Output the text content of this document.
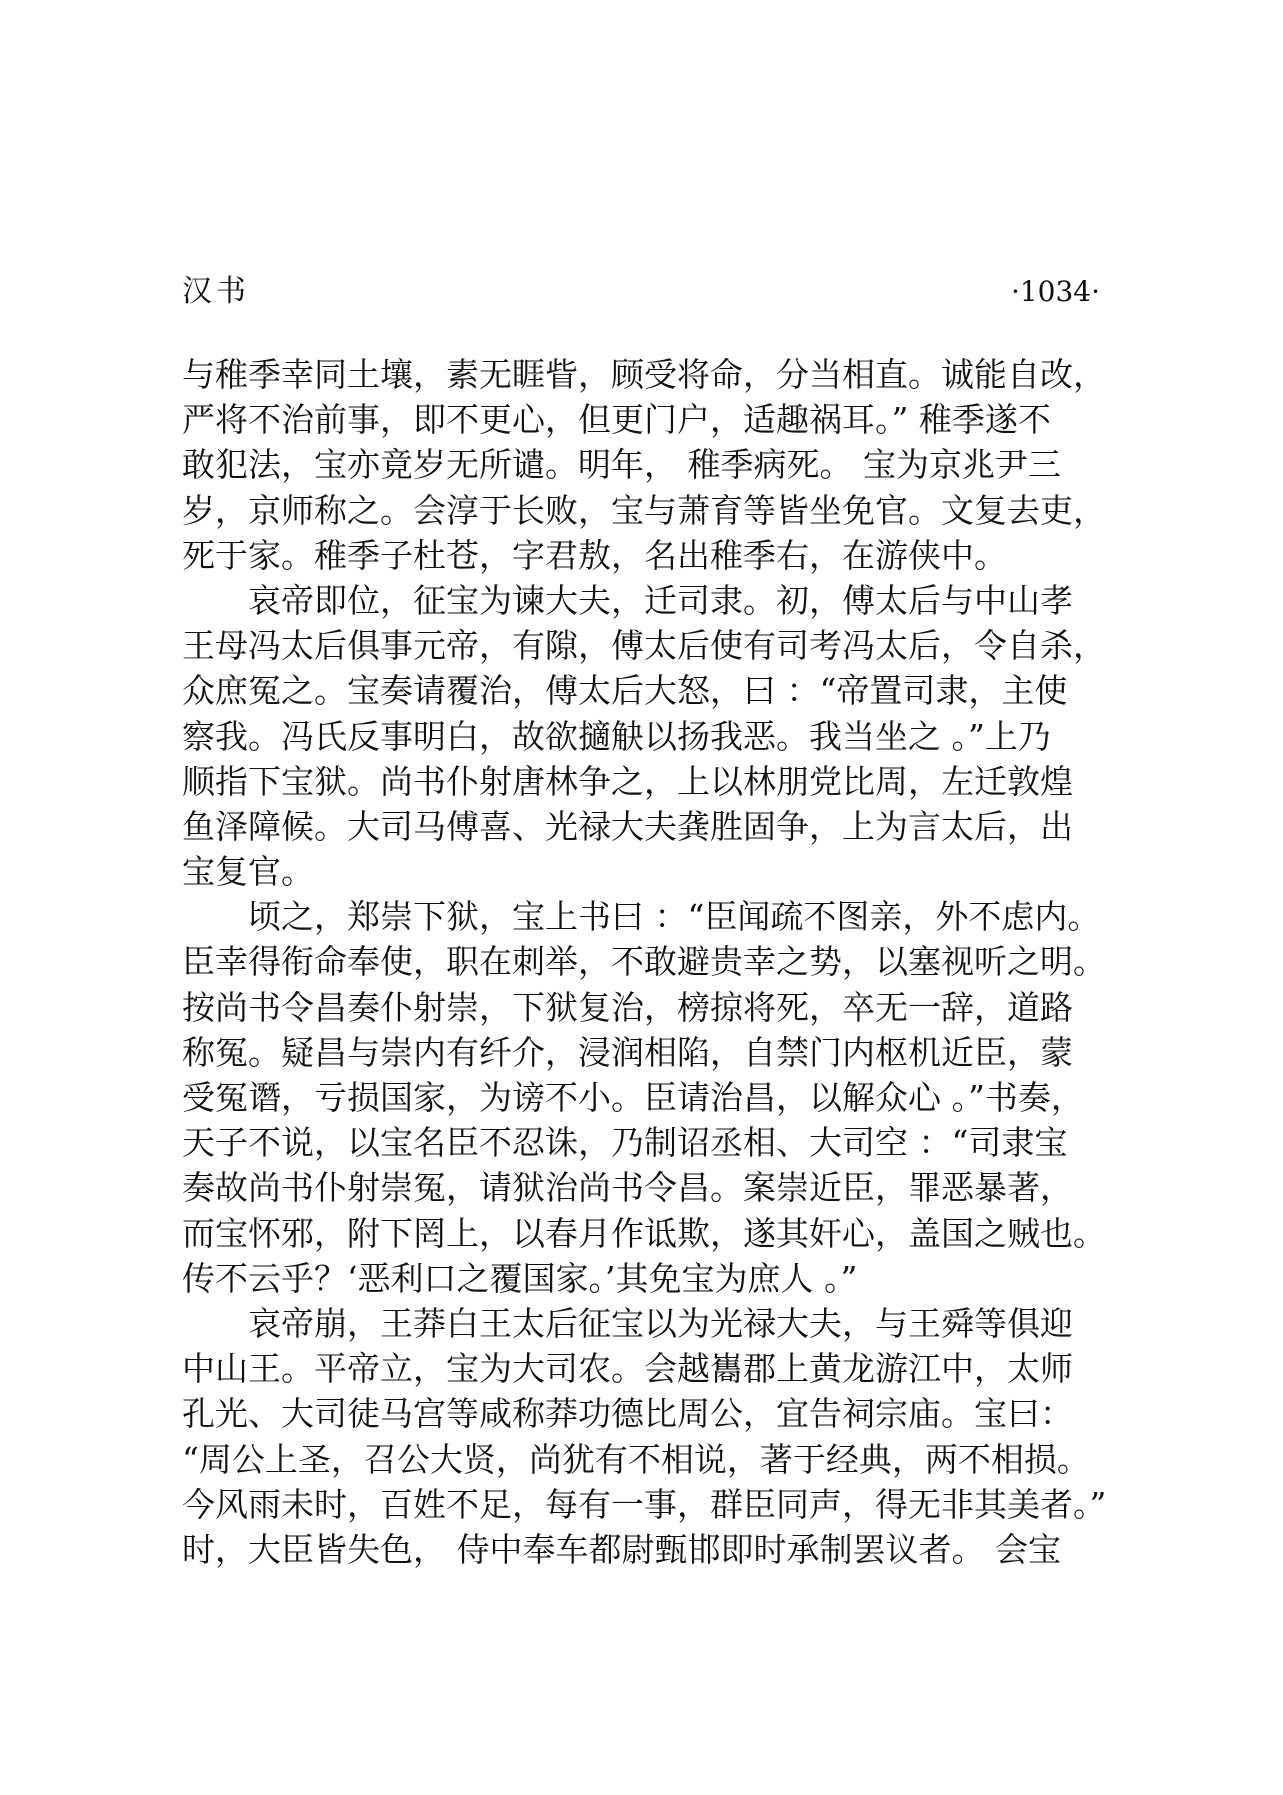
汉书	·1034·
与稚季幸同土壤，素无睚眥，顾受将命，分当相直。诚能自改，
严将不治前事，即不更心，但更门户，适趣祸耳。” 稚季遂不
敢犯法，宝亦竟岁无所谴。明年， 稚季病死。 宝为京兆尹三
岁，京师称之。会淳于长败，宝与萧育等皆坐免官。文复去吏，
死于家。稚季子杜苍，字君敖，名出稚季右，在游侠中。
哀帝即位，征宝为谏大夫，迁司隶。初，傅太后与中山孝
王母冯太后俱事元帝，有隙，傅太后使有司考冯太后，令自杀，
众庶冤之。宝奏请覆治，傅太后大怒，曰 ：“帝置司隶，主使
察我。冯氏反事明白，故欲擿觖以扬我恶。我当坐之 。”上乃
顺指下宝狱。尚书仆射唐林争之，上以林朋党比周，左迁敦煌
鱼泽障候。大司马傅喜、光禄大夫龚胜固争，上为言太后，出
宝复官。
顷之，郑崇下狱，宝上书曰 ：“臣闻疏不图亲，外不虑内。
臣幸得衔命奉使，职在刺举，不敢避贵幸之势，以塞视听之明。
按尚书令昌奏仆射崇，下狱复治，榜掠将死，卒无一辞，道路
称冤。疑昌与崇内有纤介，浸润相陷，自禁门内枢机近臣，蒙
受冤谮，亏损国家，为谤不小。臣请治昌，以解众心 。”书奏，
天子不说，以宝名臣不忍诛，乃制诏丞相、大司空 ：“司隶宝
奏故尚书仆射崇冤，请狱治尚书令昌。案崇近臣，罪恶暴著，
而宝怀邪，附下罔上，以春月作诋欺，遂其奸心，盖国之贼也。
传不云乎？‘恶利口之覆国家。’其免宝为庶人 。”
哀帝崩，王莽白王太后征宝以为光禄大夫，与王舜等俱迎
中山王。平帝立，宝为大司农。会越巂郡上黄龙游江中，太师
孔光、大司徒马宫等咸称莽功德比周公，宜告祠宗庙。宝曰：
“周公上圣，召公大贤，尚犹有不相说，著于经典，两不相损。
今风雨未时，百姓不足，每有一事，群臣同声，得无非其美者。”
时，大臣皆失色， 侍中奉车都尉甄邯即时承制罢议者。 会宝
